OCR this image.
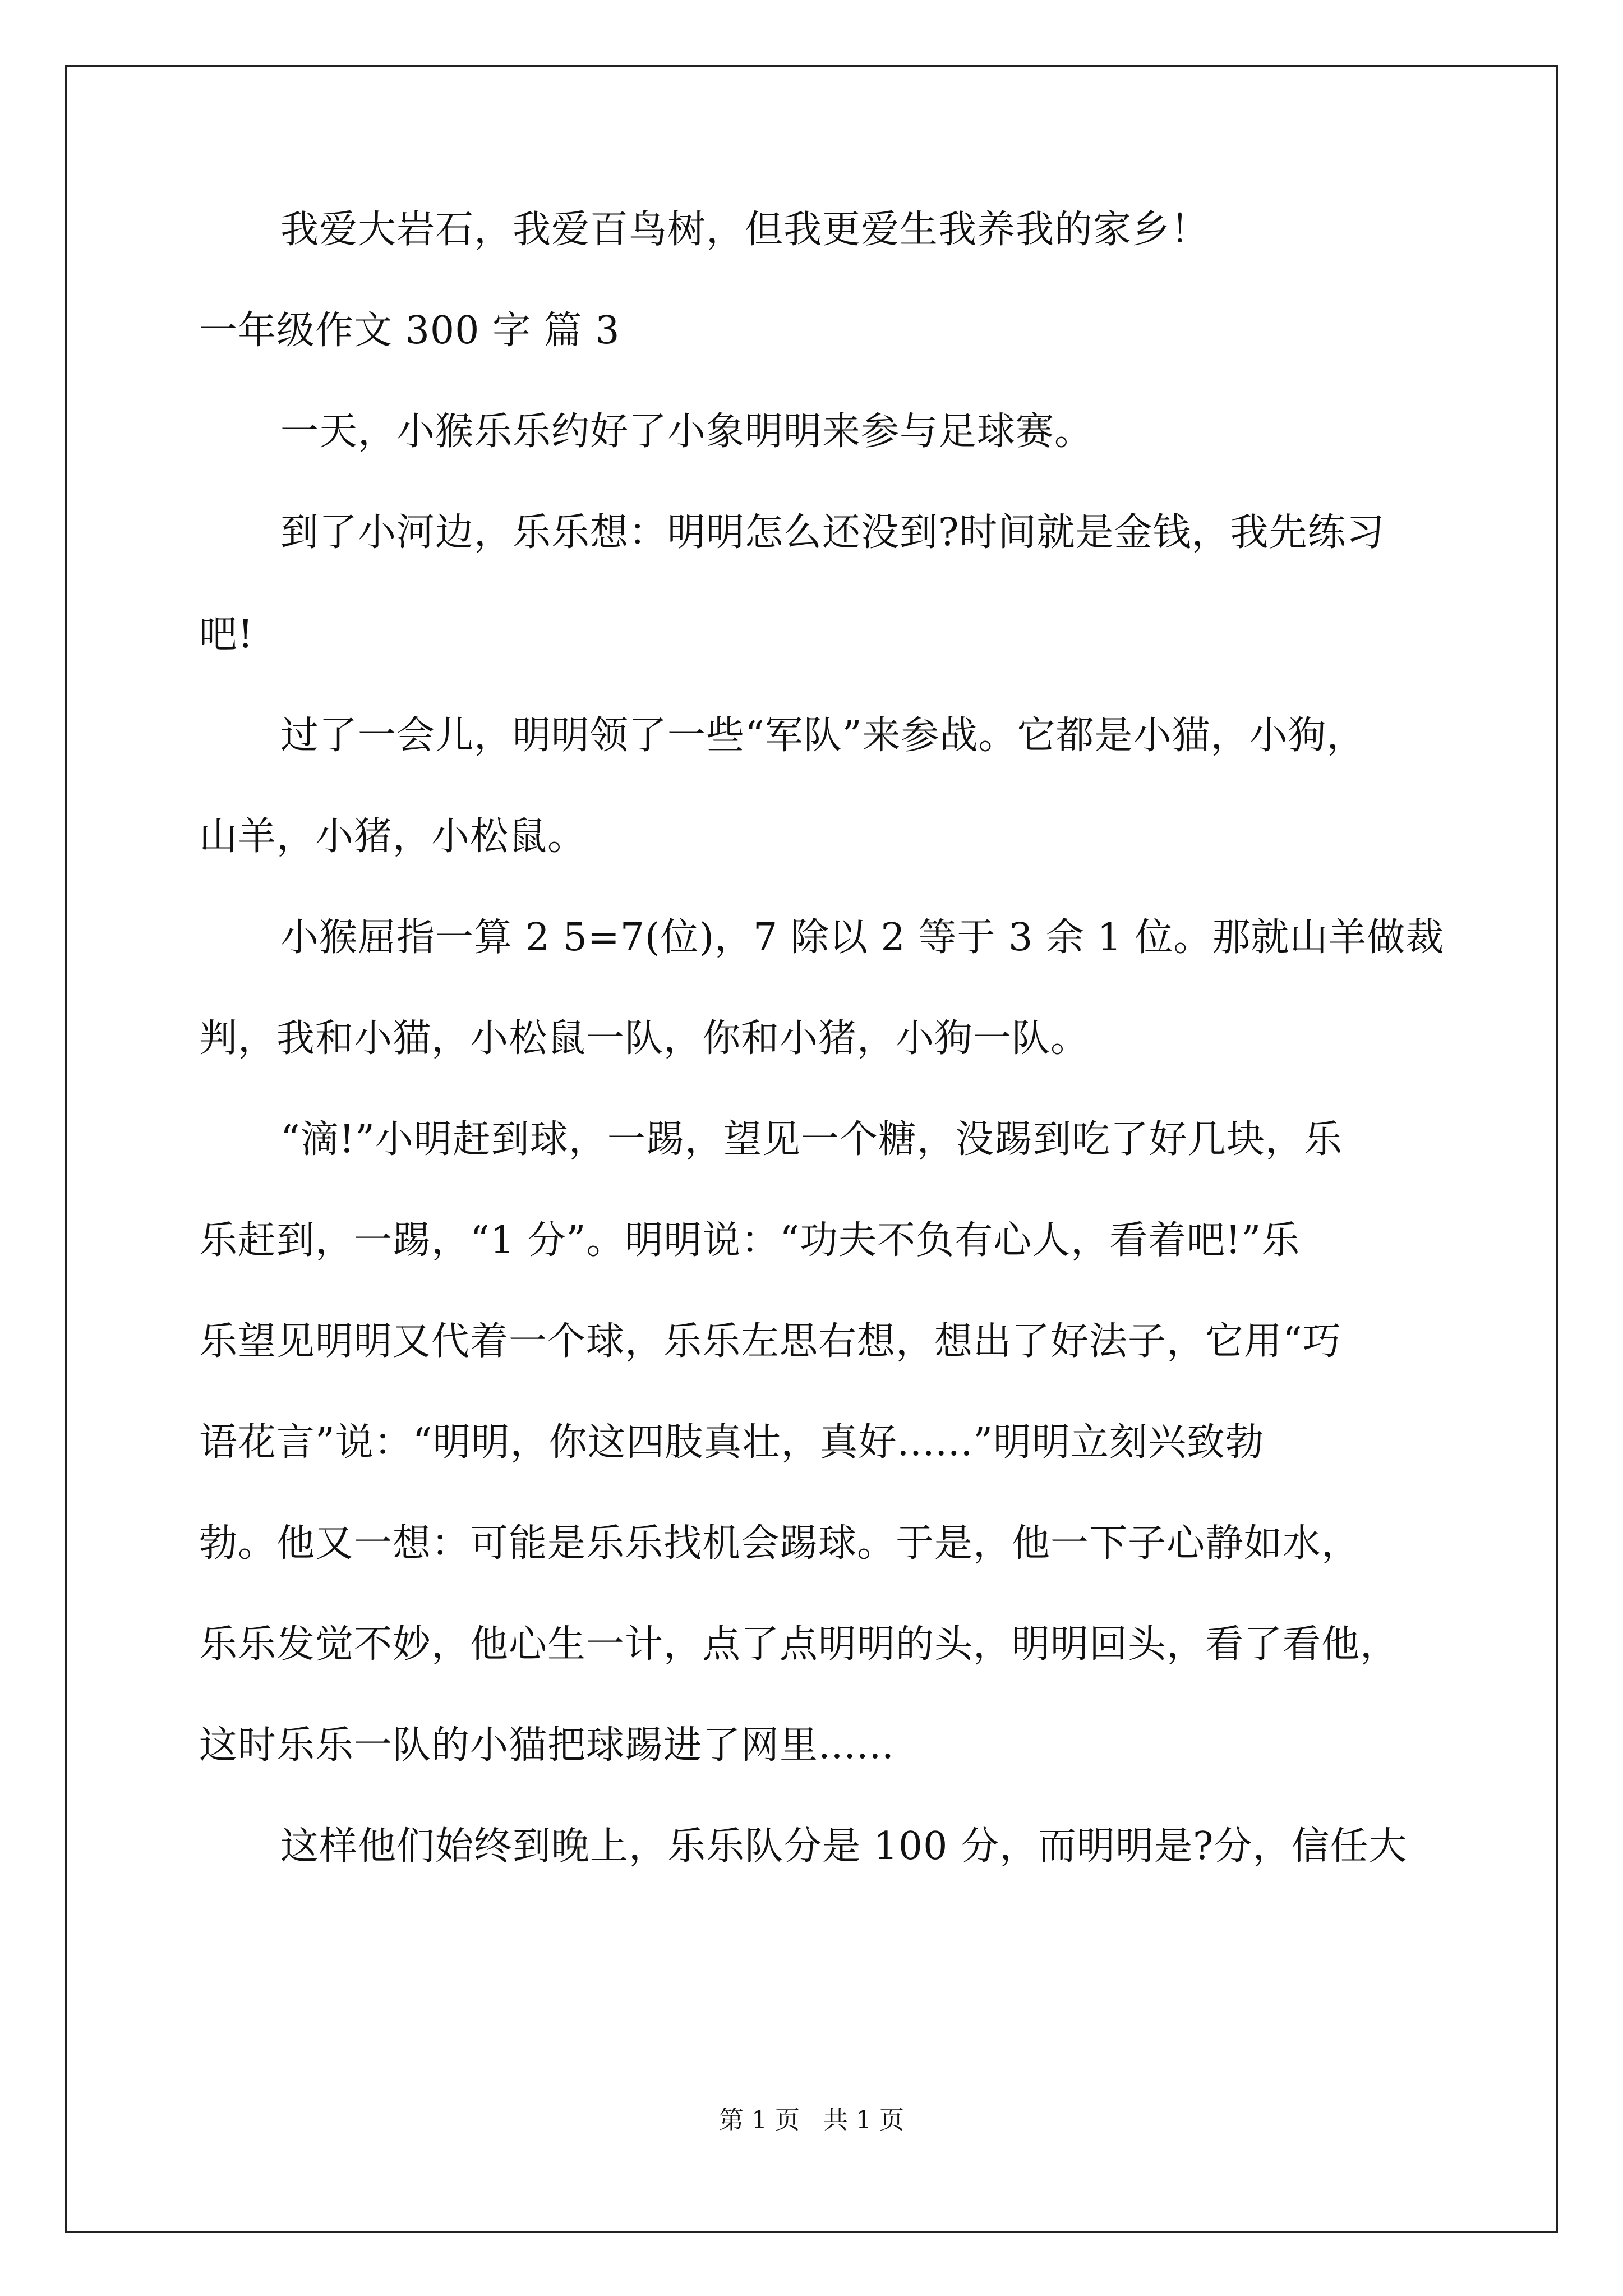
我爱大岩石，我爱百鸟树，但我更爱生我养我的家乡！
一年级作文 300 字 篇 3
一天，小猴乐乐约好了小象明明来参与足球赛。
到了小河边，乐乐想：明明怎么还没到?时间就是金钱，我先练习
吧!
过了一会儿，明明领了一些“军队”来参战。它都是小猫，小狗，
山羊，小猪，小松鼠。
小猴屈指一算 2 5=7(位)，7 除以 2 等于 3 余 1 位。那就山羊做裁
判，我和小猫，小松鼠一队，你和小猪，小狗一队。
“滴!”小明赶到球，一踢，望见一个糖，没踢到吃了好几块，乐
乐赶到，一踢，“1 分”。明明说：“功夫不负有心人，看着吧!”乐
乐望见明明又代着一个球，乐乐左思右想，想出了好法子，它用“巧
语花言”说：“明明，你这四肢真壮，真好......”明明立刻兴致勃
勃。他又一想：可能是乐乐找机会踢球。于是，他一下子心静如水，
乐乐发觉不妙，他心生一计，点了点明明的头，明明回头，看了看他，
这时乐乐一队的小猫把球踢进了网里......
这样他们始终到晚上，乐乐队分是 100 分，而明明是?分，信任大
第 1 页   共 1 页
